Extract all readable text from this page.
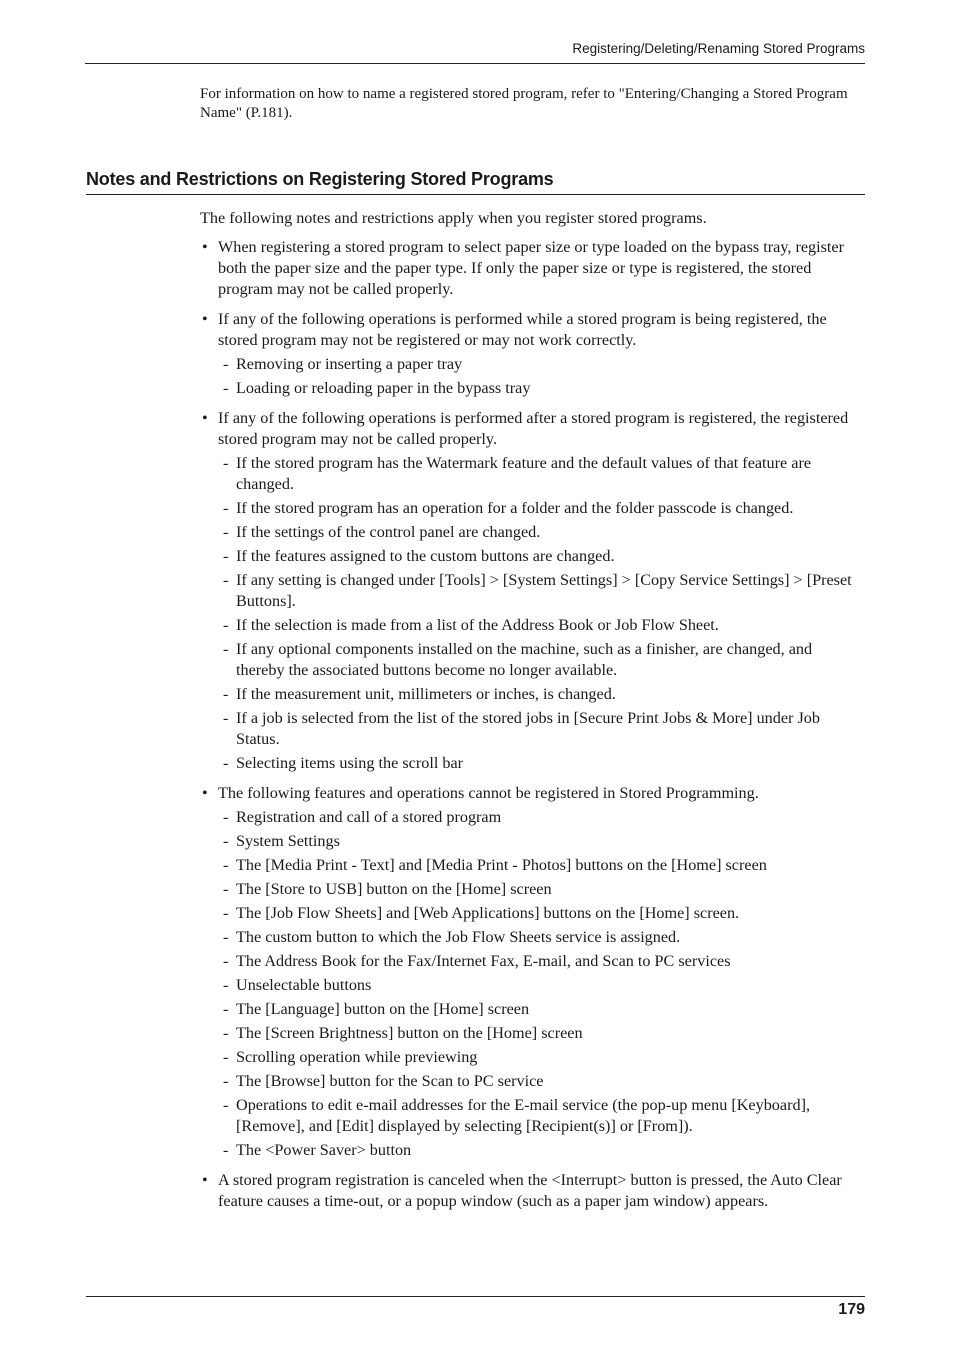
Registering/Deleting/Renaming Stored Programs

For information on how to name a registered stored program, refer to "Entering/Changing a Stored Program Name" (P.181).

Notes and Restrictions on Registering Stored Programs

The following notes and restrictions apply when you register stored programs.

• When registering a stored program to select paper size or type loaded on the bypass tray, register both the paper size and the paper type. If only the paper size or type is registered, the stored program may not be called properly.
• If any of the following operations is performed while a stored program is being registered, the stored program may not be registered or may not work correctly.
- Removing or inserting a paper tray
- Loading or reloading paper in the bypass tray
• If any of the following operations is performed after a stored program is registered, the registered stored program may not be called properly.
- If the stored program has the Watermark feature and the default values of that feature are changed.
- If the stored program has an operation for a folder and the folder passcode is changed.
- If the settings of the control panel are changed.
- If the features assigned to the custom buttons are changed.
- If any setting is changed under [Tools] > [System Settings] > [Copy Service Settings] > [Preset Buttons].
- If the selection is made from a list of the Address Book or Job Flow Sheet.
- If any optional components installed on the machine, such as a finisher, are changed, and thereby the associated buttons become no longer available.
- If the measurement unit, millimeters or inches, is changed.
- If a job is selected from the list of the stored jobs in [Secure Print Jobs & More] under Job Status.
- Selecting items using the scroll bar
• The following features and operations cannot be registered in Stored Programming.
- Registration and call of a stored program
- System Settings
- The [Media Print - Text] and [Media Print - Photos] buttons on the [Home] screen
- The [Store to USB] button on the [Home] screen
- The [Job Flow Sheets] and [Web Applications] buttons on the [Home] screen.
- The custom button to which the Job Flow Sheets service is assigned.
- The Address Book for the Fax/Internet Fax, E-mail, and Scan to PC services
- Unselectable buttons
- The [Language] button on the [Home] screen
- The [Screen Brightness] button on the [Home] screen
- Scrolling operation while previewing
- The [Browse] button for the Scan to PC service
- Operations to edit e-mail addresses for the E-mail service (the pop-up menu [Keyboard], [Remove], and [Edit] displayed by selecting [Recipient(s)] or [From]).
- The <Power Saver> button
• A stored program registration is canceled when the <Interrupt> button is pressed, the Auto Clear feature causes a time-out, or a popup window (such as a paper jam window) appears.
179
